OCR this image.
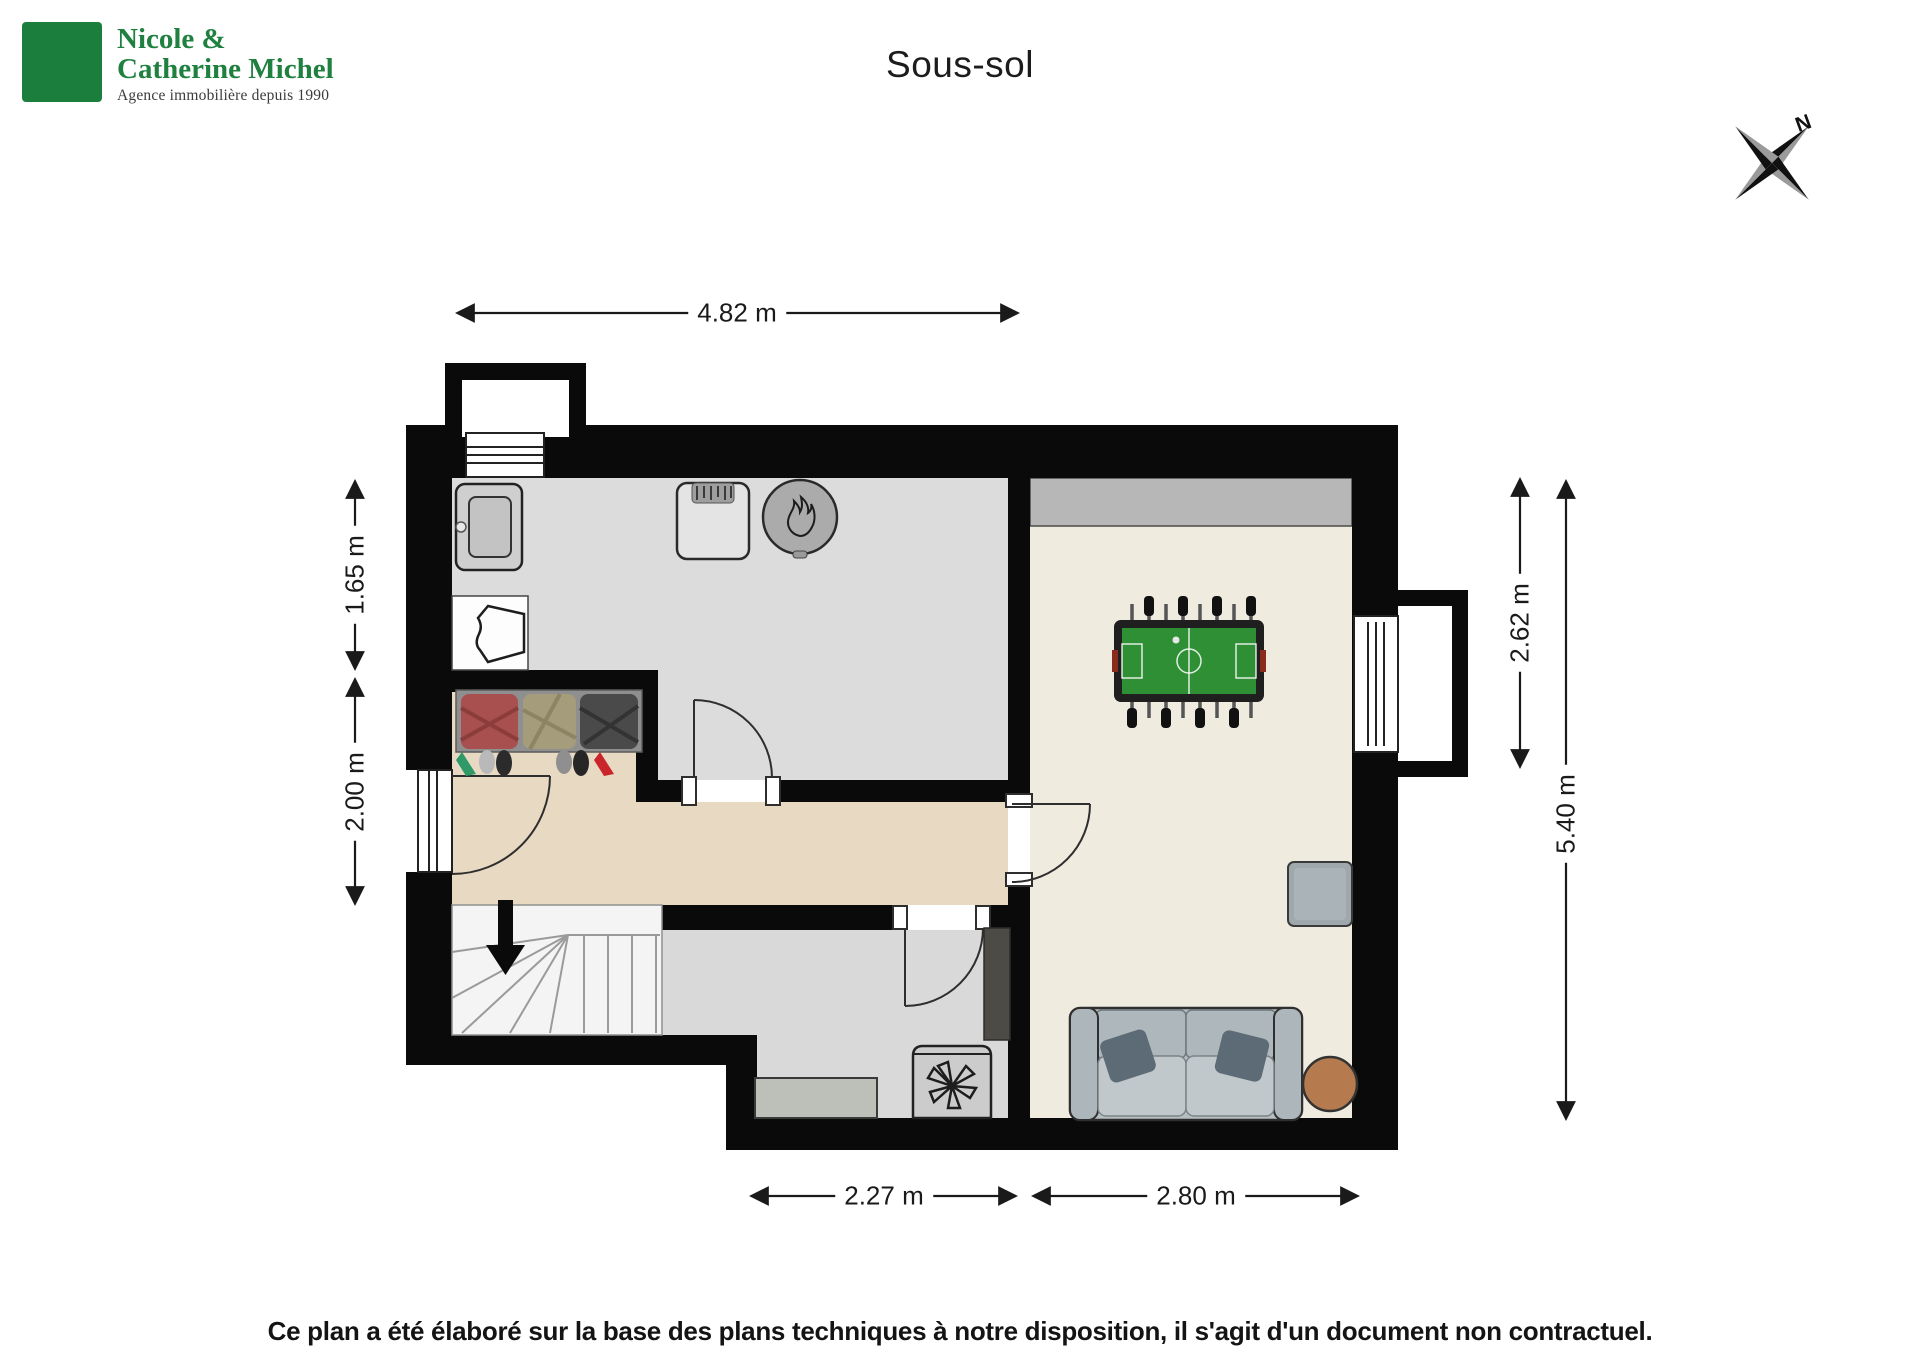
Nicole &
Catherine Michel
Agence immobilière depuis 1990
Sous-sol
N
4.82 m
1.65 m
2.00 m
2.62 m
5.40 m
2.27 m	2.80 m
Ce plan a été élaboré sur la base des plans techniques à notre disposition, il s'agit d'un document non contractuel.
